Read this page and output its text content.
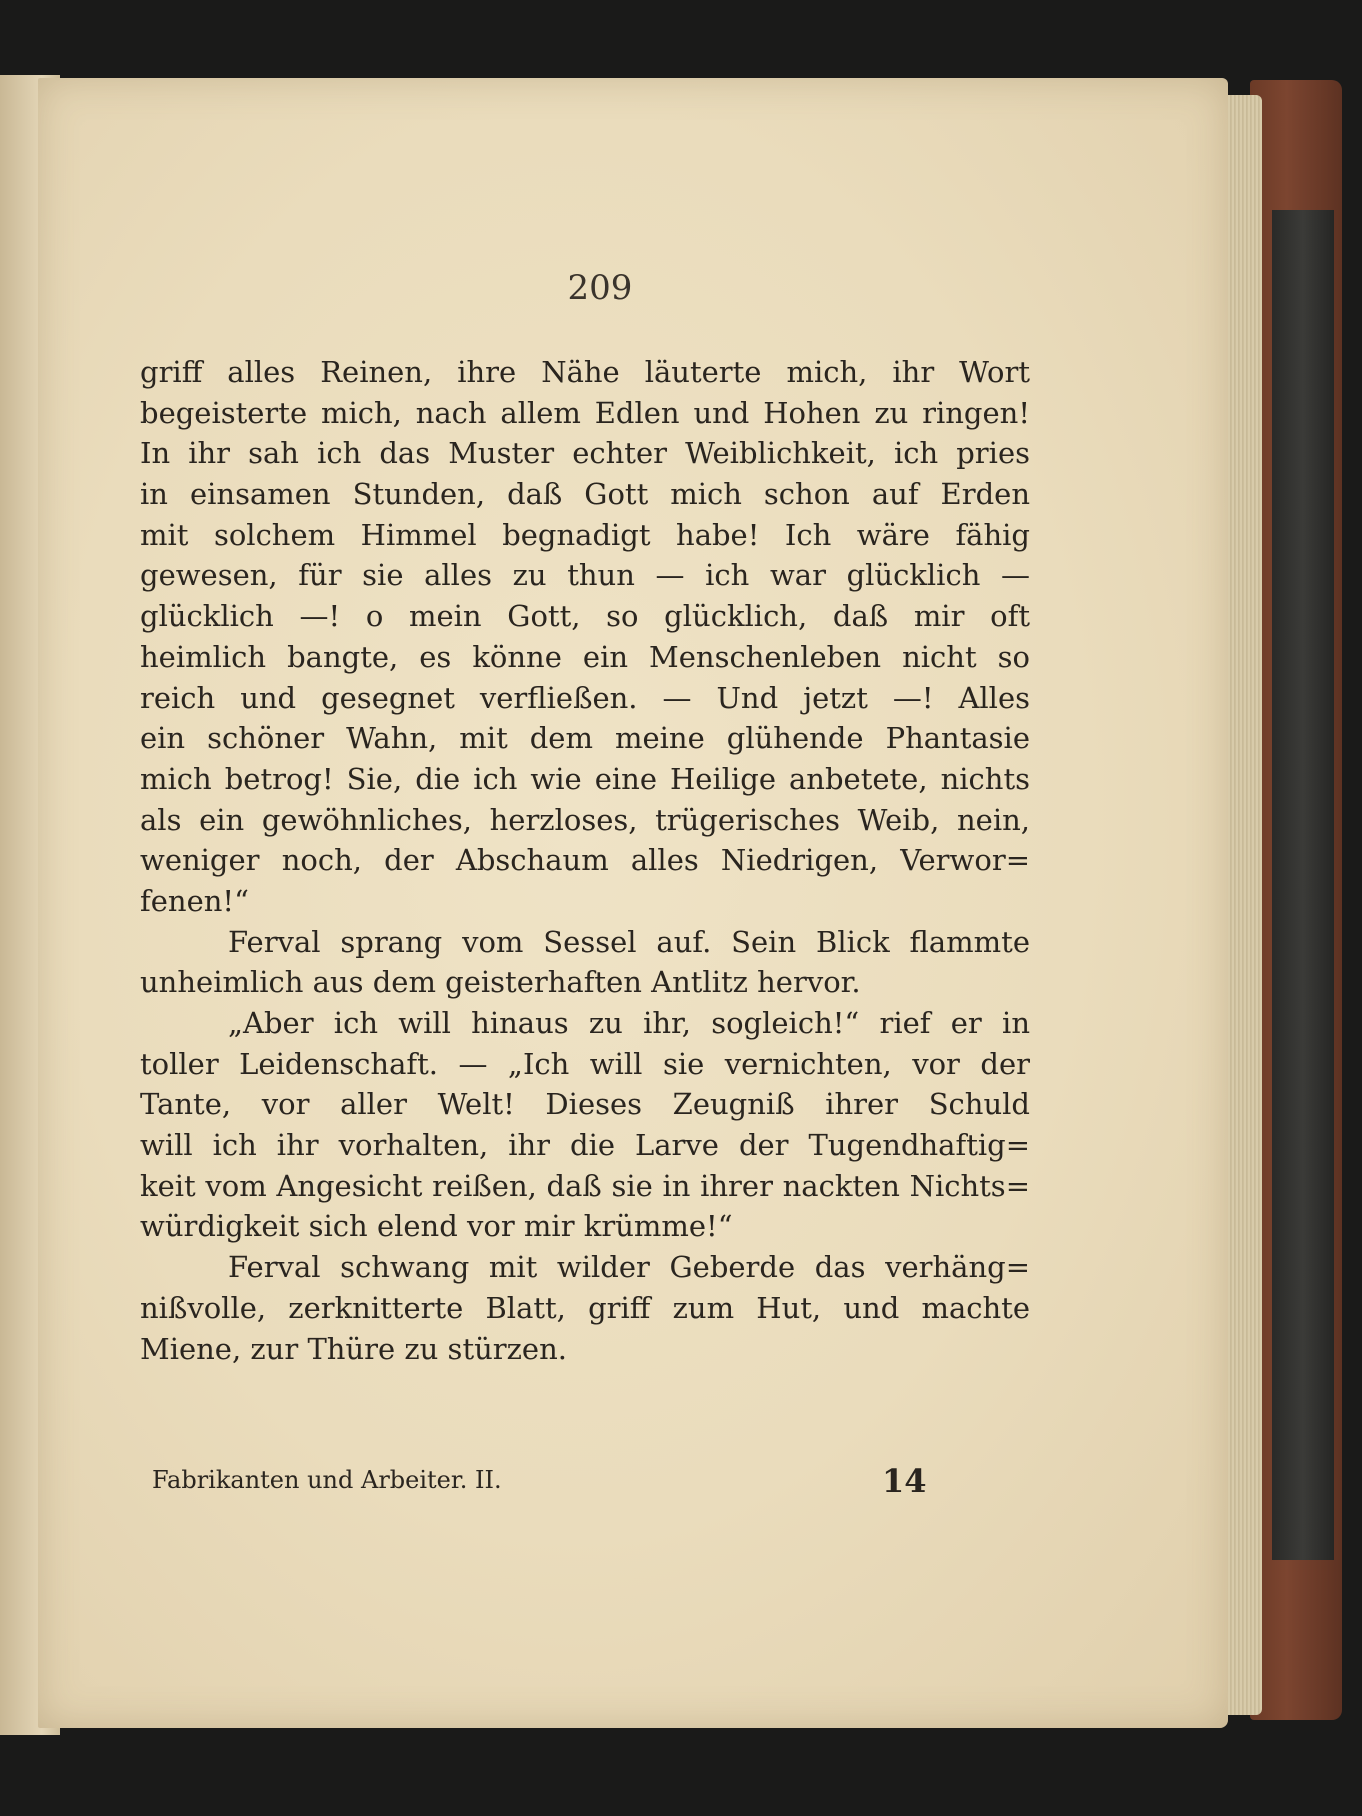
209
griff alles Reinen, ihre Nähe läuterte mich, ihr Wort
begeisterte mich, nach allem Edlen und Hohen zu ringen!
In ihr sah ich das Muster echter Weiblichkeit, ich pries
in einsamen Stunden, daß Gott mich schon auf Erden
mit solchem Himmel begnadigt habe! Ich wäre fähig
gewesen, für sie alles zu thun — ich war glücklich —
glücklich —! o mein Gott, so glücklich, daß mir oft
heimlich bangte, es könne ein Menschenleben nicht so
reich und gesegnet verfließen. — Und jetzt —! Alles
ein schöner Wahn, mit dem meine glühende Phantasie
mich betrog! Sie, die ich wie eine Heilige anbetete, nichts
als ein gewöhnliches, herzloses, trügerisches Weib, nein,
weniger noch, der Abschaum alles Niedrigen, Verwor=
fenen!“
Ferval sprang vom Sessel auf. Sein Blick flammte
unheimlich aus dem geisterhaften Antlitz hervor.
„Aber ich will hinaus zu ihr, sogleich!“ rief er in
toller Leidenschaft. — „Ich will sie vernichten, vor der
Tante, vor aller Welt! Dieses Zeugniß ihrer Schuld
will ich ihr vorhalten, ihr die Larve der Tugendhaftig=
keit vom Angesicht reißen, daß sie in ihrer nackten Nichts=
würdigkeit sich elend vor mir krümme!“
Ferval schwang mit wilder Geberde das verhäng=
nißvolle, zerknitterte Blatt, griff zum Hut, und machte
Miene, zur Thüre zu stürzen.
Fabrikanten und Arbeiter. II.	14
